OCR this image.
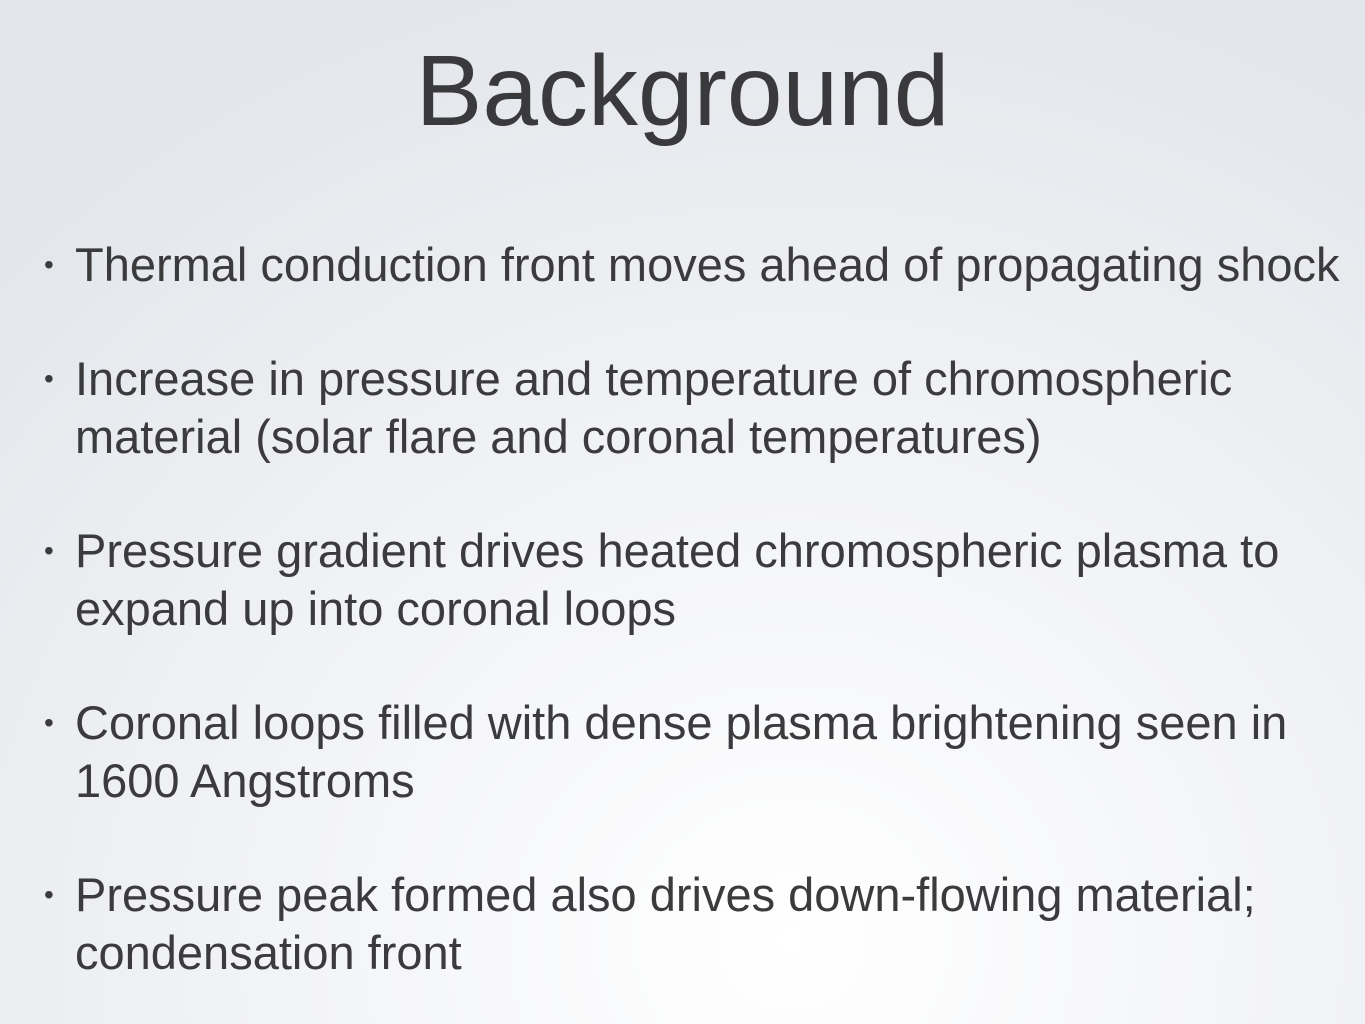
Background
• Thermal conduction front moves ahead of propagating shock
• Increase in pressure and temperature of chromospheric material (solar flare and coronal temperatures)
• Pressure gradient drives heated chromospheric plasma to expand up into coronal loops
• Coronal loops filled with dense plasma brightening seen in 1600 Angstroms
• Pressure peak formed also drives down-flowing material; condensation front
